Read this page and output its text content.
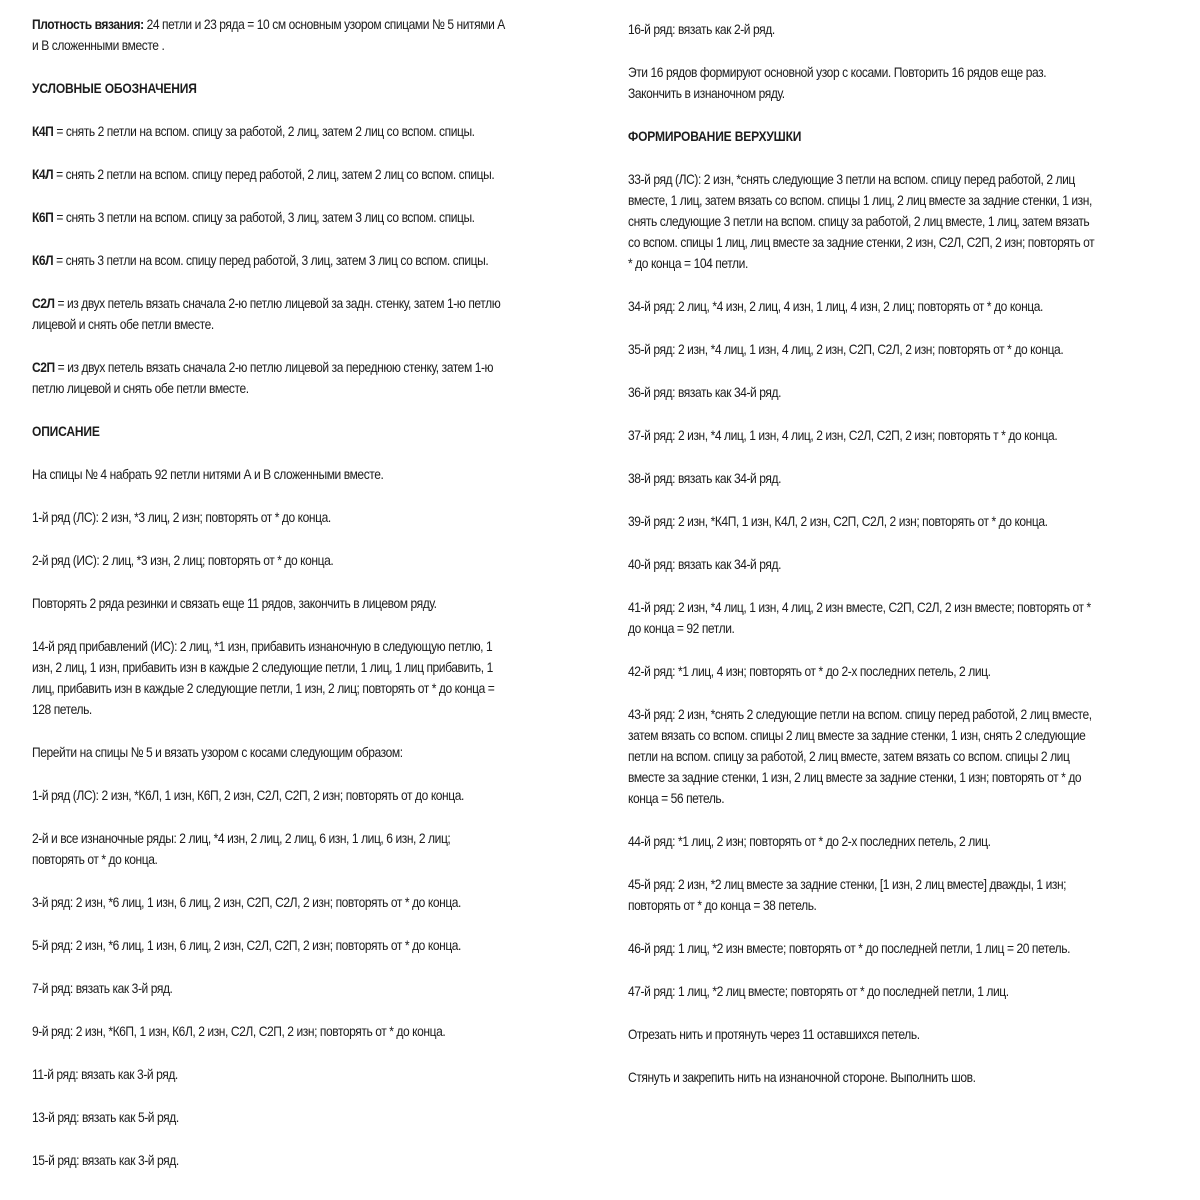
Плотность вязания: 24 петли и 23 ряда = 10 см основным узором спицами № 5 нитями А
и В сложенными вместе .
УСЛОВНЫЕ ОБОЗНАЧЕНИЯ
К4П = снять 2 петли на вспом. спицу за работой, 2 лиц, затем 2 лиц со вспом. спицы.
К4Л = снять 2 петли на вспом. спицу перед работой, 2 лиц, затем 2 лиц со вспом. спицы.
К6П = снять 3 петли на вспом. спицу за работой, 3 лиц, затем 3 лиц со вспом. спицы.
К6Л = снять 3 петли на всом. спицу перед работой, 3 лиц, затем 3 лиц со вспом. спицы.
С2Л = из двух петель вязать сначала 2-ю петлю лицевой за задн. стенку, затем 1-ю петлю
лицевой и снять обе петли вместе.
С2П = из двух петель вязать сначала 2-ю петлю лицевой за переднюю стенку, затем 1-ю
петлю лицевой и снять обе петли вместе.
ОПИСАНИЕ
На спицы № 4 набрать 92 петли нитями А и В сложенными вместе.
1-й ряд (ЛС): 2 изн, *3 лиц, 2 изн; повторять от * до конца.
2-й ряд (ИС): 2 лиц, *3 изн, 2 лиц; повторять от * до конца.
Повторять 2 ряда резинки и связать еще 11 рядов, закончить в лицевом ряду.
14-й ряд прибавлений (ИС): 2 лиц, *1 изн, прибавить изнаночную в следующую петлю, 1
изн, 2 лиц, 1 изн, прибавить изн в каждые 2 следующие петли, 1 лиц, 1 лиц прибавить, 1
лиц, прибавить изн в каждые 2 следующие петли, 1 изн, 2 лиц; повторять от * до конца =
128 петель.
Перейти на спицы № 5 и вязать узором с косами следующим образом:
1-й ряд (ЛС): 2 изн, *К6Л, 1 изн, К6П, 2 изн, С2Л, С2П, 2 изн; повторять от до конца.
2-й и все изнаночные ряды: 2 лиц, *4 изн, 2 лиц, 2 лиц, 6 изн, 1 лиц, 6 изн, 2 лиц;
повторять от * до конца.
3-й ряд: 2 изн, *6 лиц, 1 изн, 6 лиц, 2 изн, С2П, С2Л, 2 изн; повторять от * до конца.
5-й ряд: 2 изн, *6 лиц, 1 изн, 6 лиц, 2 изн, С2Л, С2П, 2 изн; повторять от * до конца.
7-й ряд: вязать как 3-й ряд.
9-й ряд: 2 изн, *К6П, 1 изн, К6Л, 2 изн, С2Л, С2П, 2 изн; повторять от * до конца.
11-й ряд: вязать как 3-й ряд.
13-й ряд: вязать как 5-й ряд.
15-й ряд: вязать как 3-й ряд.
16-й ряд: вязать как 2-й ряд.
Эти 16 рядов формируют основной узор с косами. Повторить 16 рядов еще раз.
Закончить в изнаночном ряду.
ФОРМИРОВАНИЕ ВЕРХУШКИ
33-й ряд (ЛС): 2 изн, *снять следующие 3 петли на вспом. спицу перед работой, 2 лиц
вместе, 1 лиц, затем вязать со вспом. спицы 1 лиц, 2 лиц вместе за задние стенки, 1 изн,
снять следующие 3 петли на вспом. спицу за работой, 2 лиц вместе, 1 лиц, затем вязать
со вспом. спицы 1 лиц, лиц вместе за задние стенки, 2 изн, С2Л, С2П, 2 изн; повторять от
* до конца = 104 петли.
34-й ряд: 2 лиц, *4 изн, 2 лиц, 4 изн, 1 лиц, 4 изн, 2 лиц; повторять от * до конца.
35-й ряд: 2 изн, *4 лиц, 1 изн, 4 лиц, 2 изн, С2П, С2Л, 2 изн; повторять от * до конца.
36-й ряд: вязать как 34-й ряд.
37-й ряд: 2 изн, *4 лиц, 1 изн, 4 лиц, 2 изн, С2Л, С2П, 2 изн; повторять т * до конца.
38-й ряд: вязать как 34-й ряд.
39-й ряд: 2 изн, *К4П, 1 изн, К4Л, 2 изн, С2П, С2Л, 2 изн; повторять от * до конца.
40-й ряд: вязать как 34-й ряд.
41-й ряд: 2 изн, *4 лиц, 1 изн, 4 лиц, 2 изн вместе, С2П, С2Л, 2 изн вместе; повторять от *
до конца = 92 петли.
42-й ряд: *1 лиц, 4 изн; повторять от * до 2-х последних петель, 2 лиц.
43-й ряд: 2 изн, *снять 2 следующие петли на вспом. спицу перед работой, 2 лиц вместе,
затем вязать со вспом. спицы 2 лиц вместе за задние стенки, 1 изн, снять 2 следующие
петли на вспом. спицу за работой, 2 лиц вместе, затем вязать со вспом. спицы 2 лиц
вместе за задние стенки, 1 изн, 2 лиц вместе за задние стенки, 1 изн; повторять от * до
конца = 56 петель.
44-й ряд: *1 лиц, 2 изн; повторять от * до 2-х последних петель, 2 лиц.
45-й ряд: 2 изн, *2 лиц вместе за задние стенки, [1 изн, 2 лиц вместе] дважды, 1 изн;
повторять от * до конца = 38 петель.
46-й ряд: 1 лиц, *2 изн вместе; повторять от * до последней петли, 1 лиц = 20 петель.
47-й ряд: 1 лиц, *2 лиц вместе; повторять от * до последней петли, 1 лиц.
Отрезать нить и протянуть через 11 оставшихся петель.
Стянуть и закрепить нить на изнаночной стороне. Выполнить шов.
